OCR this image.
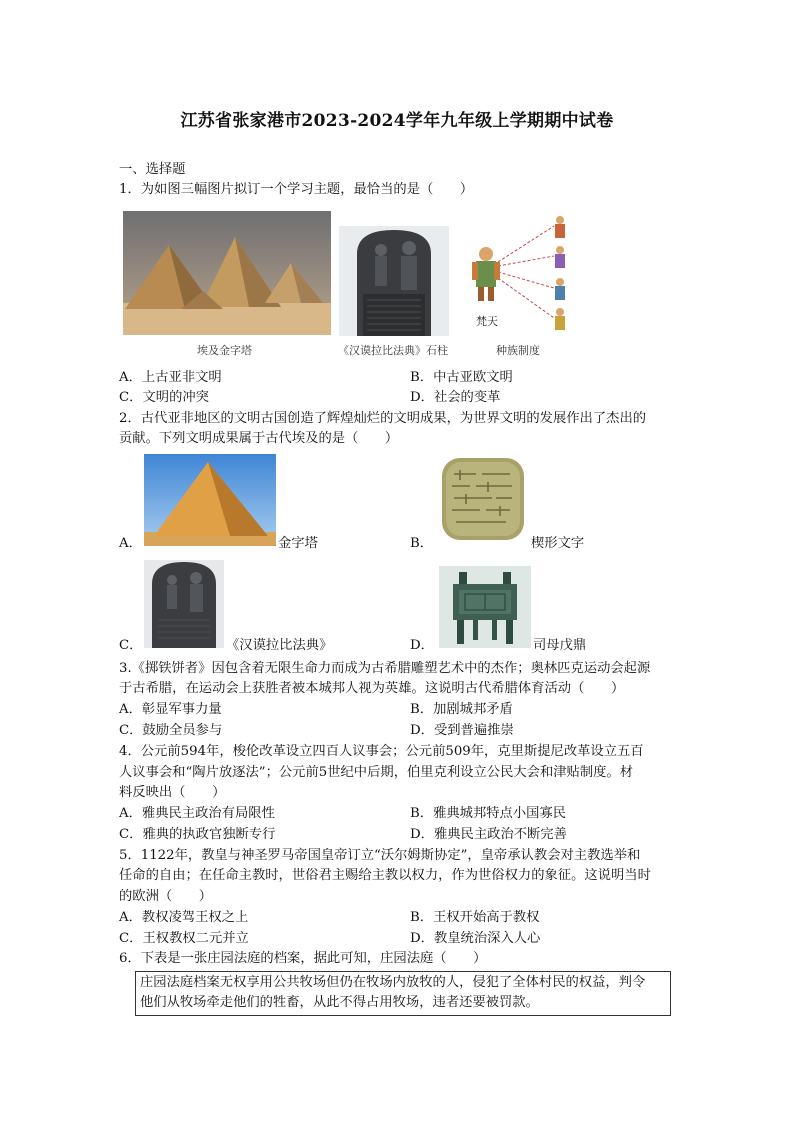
江苏省张家港市2023-2024学年九年级上学期期中试卷
一、选择题
1．为如图三幅图片拟订一个学习主题，最恰当的是（　　）
埃及金字塔	《汉谟拉比法典》石柱
梵天
种族制度
A．上古亚非文明	B．中古亚欧文明
C．文明的冲突	D．社会的变革
2．古代亚非地区的文明古国创造了辉煌灿烂的文明成果，为世界文明的发展作出了杰出的
贡献。下列文明成果属于古代埃及的是（　　）
A．	金字塔	B．	楔形文字
C．	《汉谟拉比法典》	D．	司母戊鼎
3.《掷铁饼者》因包含着无限生命力而成为古希腊雕塑艺术中的杰作；奥林匹克运动会起源
于古希腊，在运动会上获胜者被本城邦人视为英雄。这说明古代希腊体育活动（　　）
A．彰显军事力量	B．加剧城邦矛盾
C．鼓励全员参与	D．受到普遍推崇
4．公元前594年，梭伦改革设立四百人议事会；公元前509年，克里斯提尼改革设立五百
人议事会和“陶片放逐法”；公元前5世纪中后期，伯里克利设立公民大会和津贴制度。材
料反映出（　　）
A．雅典民主政治有局限性	B．雅典城邦特点小国寡民
C．雅典的执政官独断专行	D．雅典民主政治不断完善
5．1122年，教皇与神圣罗马帝国皇帝订立“沃尔姆斯协定”，皇帝承认教会对主教选举和
任命的自由；在任命主教时，世俗君主赐给主教以权力，作为世俗权力的象征。这说明当时
的欧洲（　　）
A．教权凌驾王权之上	B．王权开始高于教权
C．王权教权二元并立	D．教皇统治深入人心
6．下表是一张庄园法庭的档案，据此可知，庄园法庭（　　）
庄园法庭档案无权享用公共牧场但仍在牧场内放牧的人，侵犯了全体村民的权益，判令
他们从牧场牵走他们的牲畜，从此不得占用牧场，违者还要被罚款。
